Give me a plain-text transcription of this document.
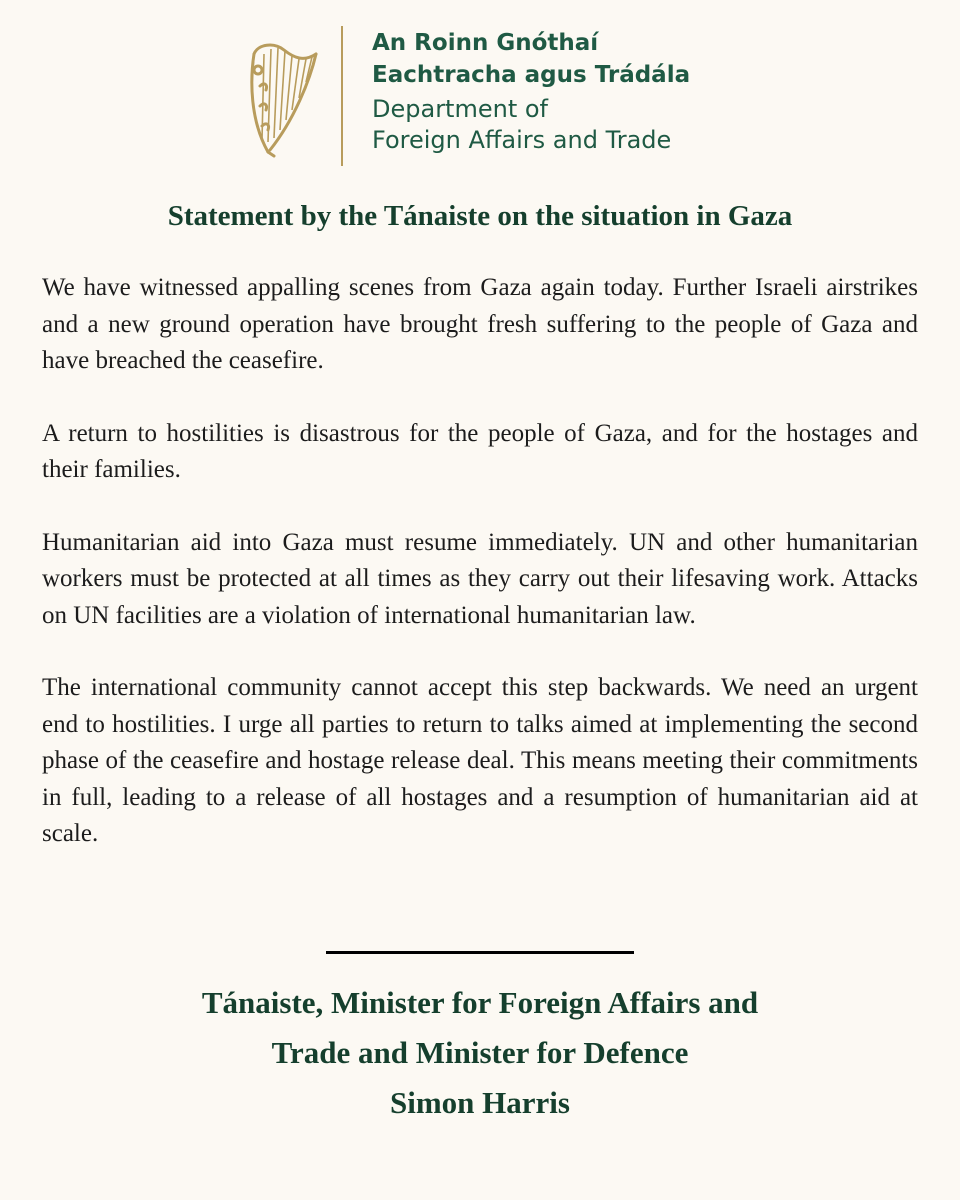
An Roinn Gnóthaí
Eachtracha agus Trádála
Department of
Foreign Affairs and Trade
Statement by the Tánaiste on the situation in Gaza

We have witnessed appalling scenes from Gaza again today. Further Israeli airstrikes and a new ground operation have brought fresh suffering to the people of Gaza and have breached the ceasefire.

A return to hostilities is disastrous for the people of Gaza, and for the hostages and their families.

Humanitarian aid into Gaza must resume immediately. UN and other humanitarian workers must be protected at all times as they carry out their lifesaving work. Attacks on UN facilities are a violation of international humanitarian law.

The international community cannot accept this step backwards. We need an urgent end to hostilities. I urge all parties to return to talks aimed at implementing the second phase of the ceasefire and hostage release deal. This means meeting their commitments in full, leading to a release of all hostages and a resumption of humanitarian aid at scale.

Tánaiste, Minister for Foreign Affairs and
Trade and Minister for Defence
Simon Harris
